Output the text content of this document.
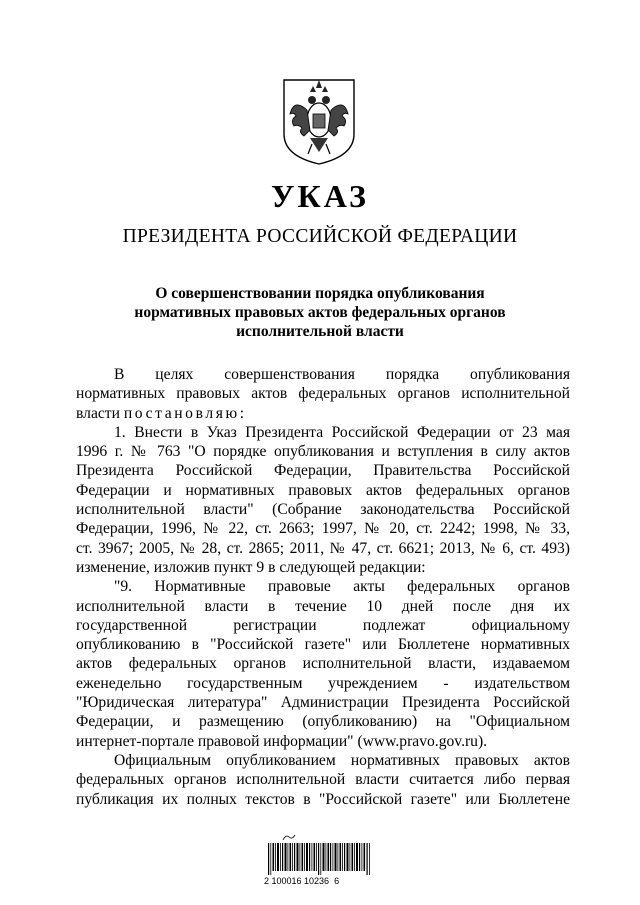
УКАЗ
ПРЕЗИДЕНТА РОССИЙСКОЙ ФЕДЕРАЦИИ
О совершенствовании порядка опубликования
нормативных правовых актов федеральных органов
исполнительной власти

В целях совершенствования порядка опубликования

нормативных правовых актов федеральных органов исполнительной

власти постановляю:

1. Внести в Указ Президента Российской Федерации от 23 мая

1996 г. № 763 "О порядке опубликования и вступления в силу актов

Президента Российской Федерации, Правительства Российской

Федерации и нормативных правовых актов федеральных органов

исполнительной власти" (Собрание законодательства Российской

Федерации, 1996, № 22, ст. 2663; 1997, № 20, ст. 2242; 1998, № 33,

ст. 3967; 2005, № 28, ст. 2865; 2011, № 47, ст. 6621; 2013, № 6, ст. 493)

изменение, изложив пункт 9 в следующей редакции:

"9. Нормативные правовые акты федеральных органов

исполнительной власти в течение 10 дней после дня их

государственной регистрации подлежат официальному

опубликованию в "Российской газете" или Бюллетене нормативных

актов федеральных органов исполнительной власти, издаваемом

еженедельно государственным учреждением - издательством

"Юридическая литература" Администрации Президента Российской

Федерации, и размещению (опубликованию) на "Официальном

интернет-портале правовой информации" (www.pravo.gov.ru).

Официальным опубликованием нормативных правовых актов

федеральных органов исполнительной власти считается либо первая

публикация их полных текстов в "Российской газете" или Бюллетене

2 100016 10236  6
